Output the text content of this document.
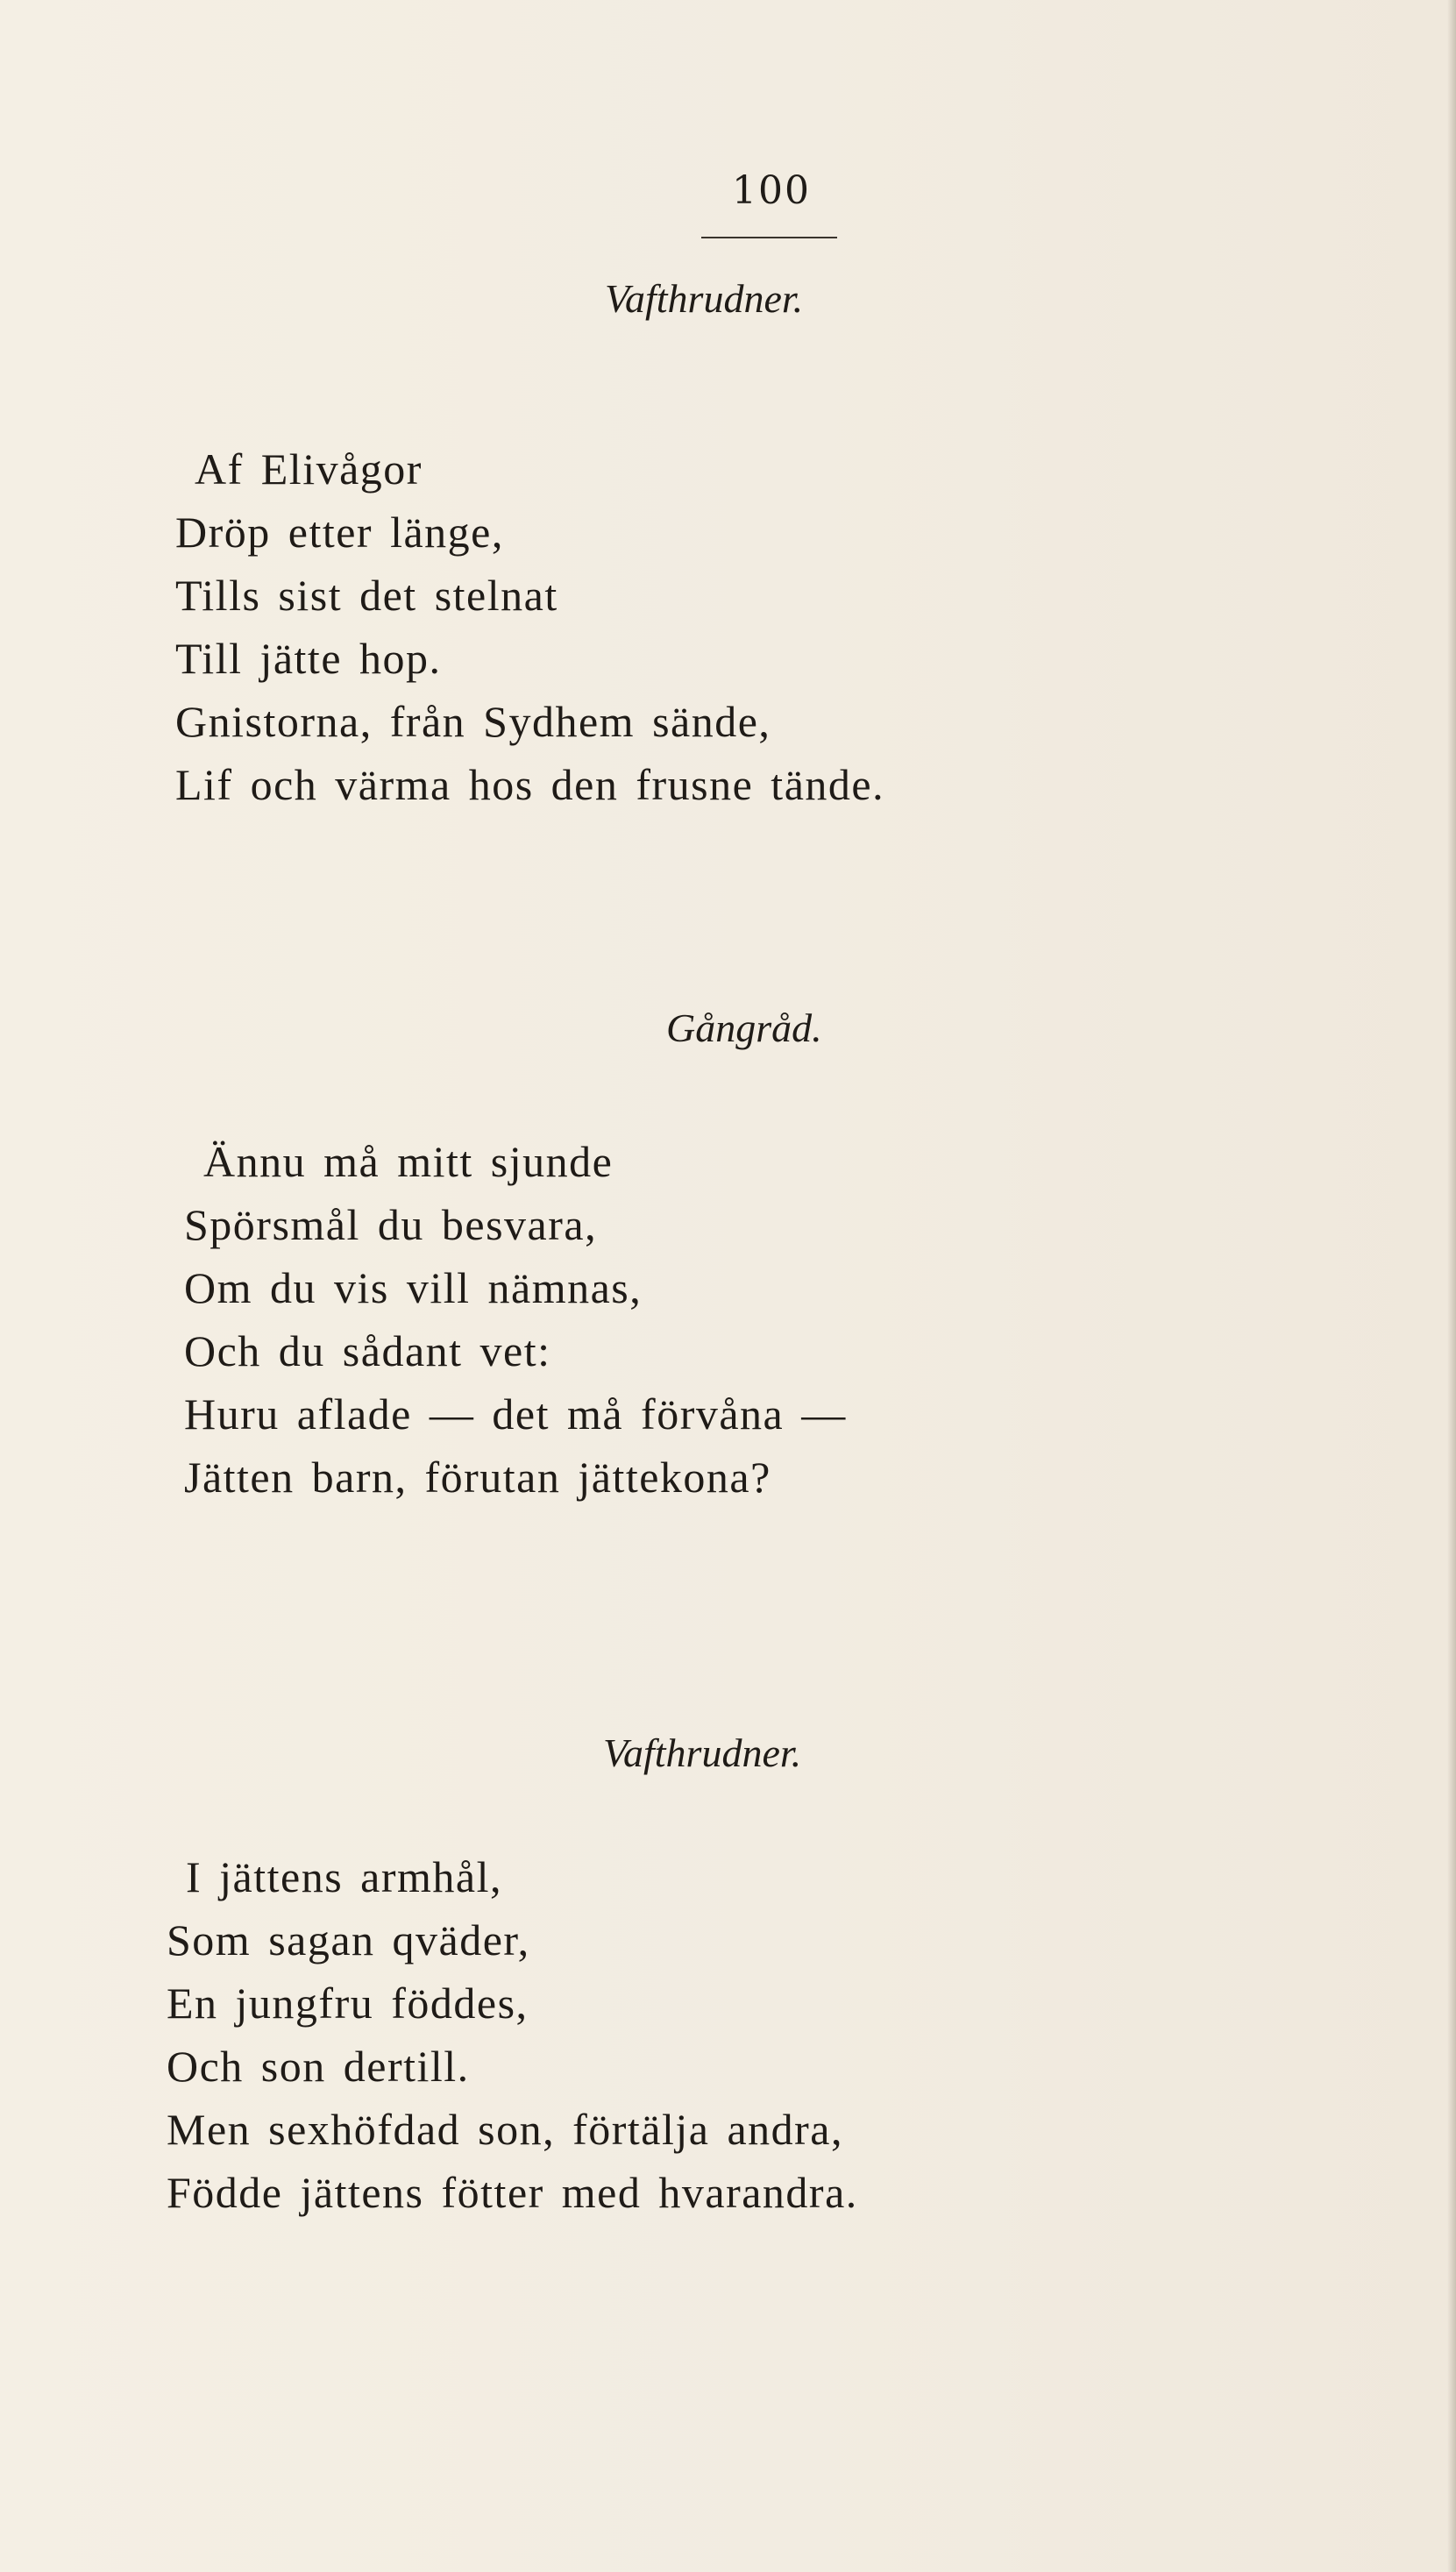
100
Vafthrudner.
Af Elivågor
Dröp etter länge,
Tills sist det stelnat
Till jätte hop.
Gnistorna, från Sydhem sände,
Lif och värma hos den frusne tände.
Gångråd.
Ännu må mitt sjunde
Spörsmål du besvara,
Om du vis vill nämnas,
Och du sådant vet:
Huru aflade — det må förvåna —
Jätten barn, förutan jättekona?
Vafthrudner.
I jättens armhål,
Som sagan qväder,
En jungfru föddes,
Och son dertill.
Men sexhöfdad son, förtälja andra,
Födde jättens fötter med hvarandra.
